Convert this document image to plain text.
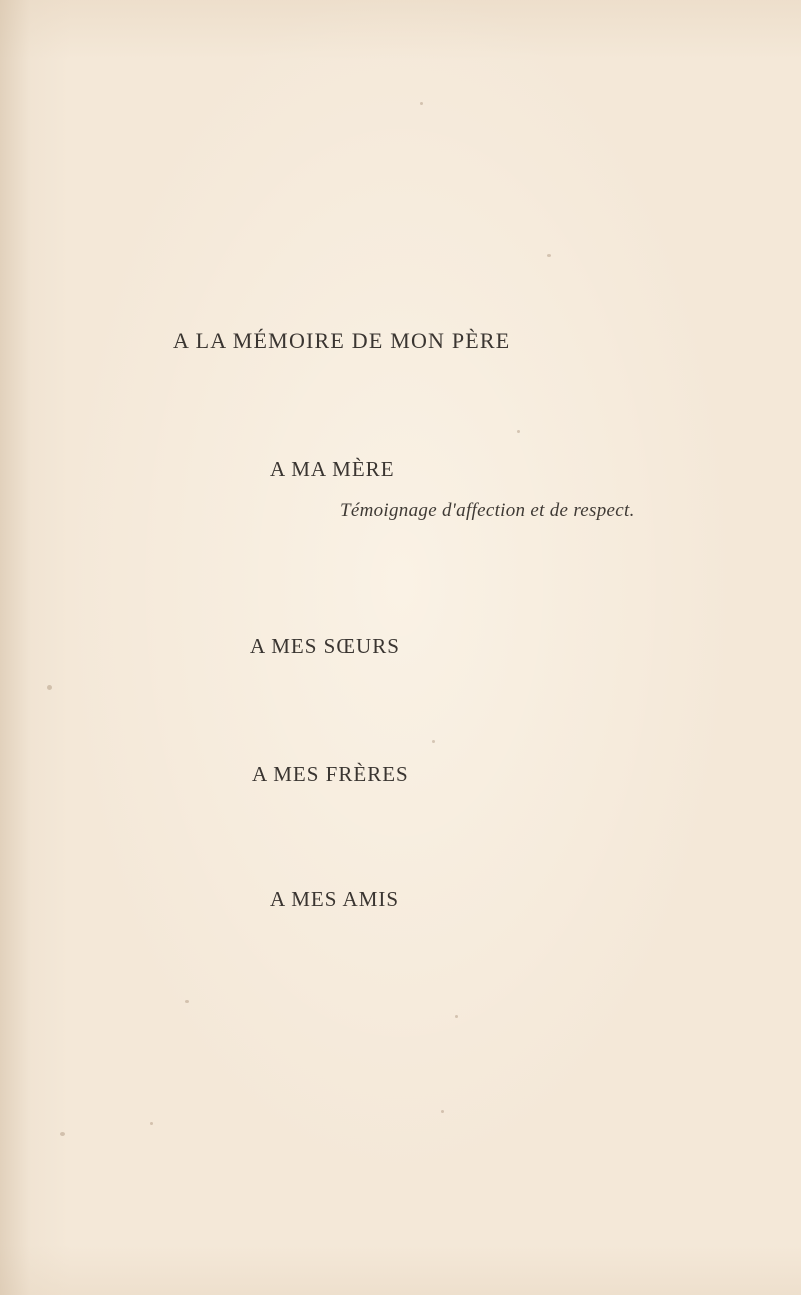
A LA MÉMOIRE DE MON PÈRE
A MA MÈRE
Témoignage d'affection et de respect.
A MES SŒURS
A MES FRÈRES
A MES AMIS
